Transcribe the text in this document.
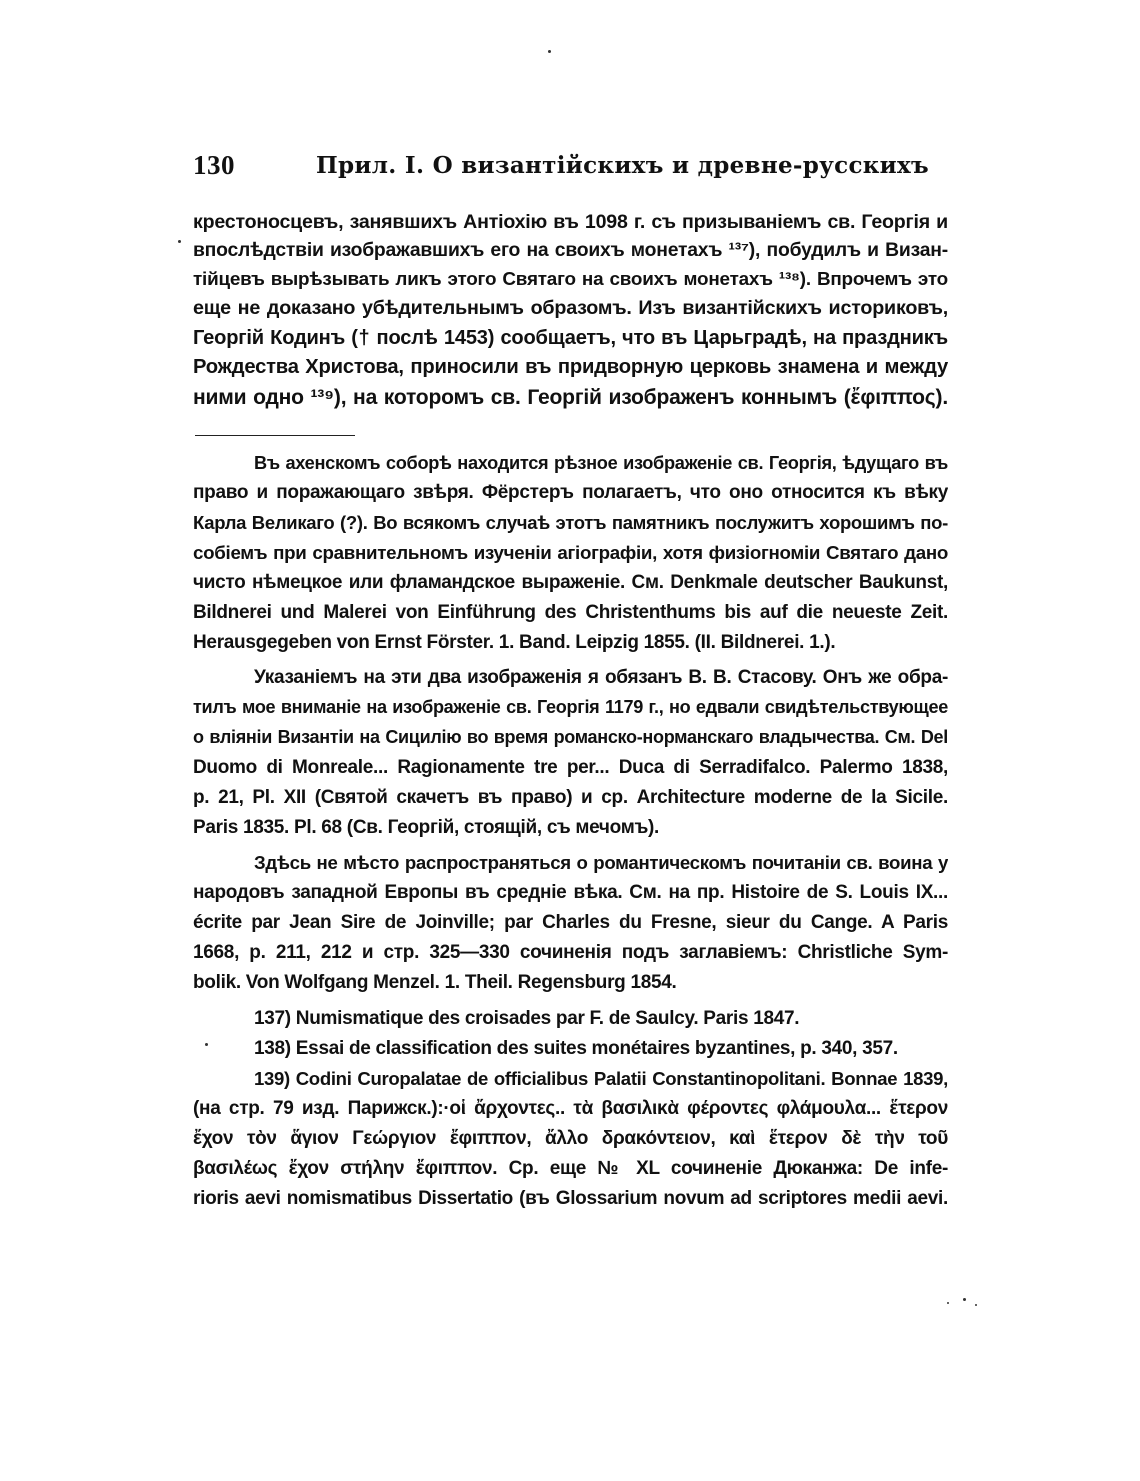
130	Прил. I. О византійскихъ и древне-русскихъ
крестоносцевъ, занявшихъ Антіохію въ 1098 г. съ призываніемъ св. Георгія и
впослѣдствіи изображавшихъ его на своихъ монетахъ ¹³⁷), побудилъ и Визан-
тійцевъ вырѣзывать ликъ этого Святаго на своихъ монетахъ ¹³⁸). Впрочемъ это
еще не доказано убѣдительнымъ образомъ. Изъ византійскихъ историковъ,
Георгій Кодинъ († послѣ 1453) сообщаетъ, что въ Царьградѣ, на праздникъ
Рождества Христова, приносили въ придворную церковь знамена и между
ними одно ¹³⁹), на которомъ св. Георгій изображенъ коннымъ (ἔφιππος).
Въ ахенскомъ соборѣ находится рѣзное изображеніе св. Георгія, ѣдущаго въ
право и поражающаго звѣря. Фёрстеръ полагаетъ, что оно относится къ вѣку
Карла Великаго (?). Во всякомъ случаѣ этотъ памятникъ послужитъ хорошимъ по-
собіемъ при сравнительномъ изученіи агіографіи, хотя физіогноміи Святаго дано
чисто нѣмецкое или фламандское выраженіе. См. Denkmale deutscher Baukunst,
Bildnerei und Malerei von Einführung des Christenthums bis auf die neueste Zeit.
Herausgegeben von Ernst Förster. 1. Band. Leipzig 1855. (II. Bildnerei. 1.).
Указаніемъ на эти два изображенія я обязанъ В. В. Стасову. Онъ же обра-
тилъ мое вниманіе на изображеніе св. Георгія 1179 г., но едвали свидѣтельствующее
о вліяніи Византіи на Сицилію во время романско-норманскаго владычества. См. Del
Duomo di Monreale... Ragionamente tre per... Duca di Serradifalco. Palermo 1838,
p. 21, Pl. XII (Святой скачетъ въ право) и ср. Architecture moderne de la Sicile.
Paris 1835. Pl. 68 (Св. Георгій, стоящій, съ мечомъ).
Здѣсь не мѣсто распространяться о романтическомъ почитаніи св. воина у
народовъ западной Европы въ средніе вѣка. См. на пр. Histoire de S. Louis IX...
écrite par Jean Sire de Joinville; par Charles du Fresne, sieur du Cange. A Paris
1668, p. 211, 212 и стр. 325—330 сочиненія подъ заглавіемъ: Christliche Sym-
bolik. Von Wolfgang Menzel. 1. Theil. Regensburg 1854.
137) Numismatique des croisades par F. de Saulcy. Paris 1847.
138) Essai de classification des suites monétaires byzantines, p. 340, 357.
139) Codini Curopalatae de officialibus Palatii Constantinopolitani. Bonnae 1839,
(на стр. 79 изд. Парижск.):·οἱ ἄρχοντες.. τὰ βασιλικὰ φέροντες φλάμουλα... ἕτερον
ἔχον τὸν ἅγιον Γεώργιον ἔφιππον, ἄλλο δρακόντειον, καὶ ἕτερον δὲ τὴν τοῦ
βασιλέως ἔχον στήλην ἔφιππον. Ср. еще № XL сочиненіе Дюканжа: De infe-
rioris aevi nomismatibus Dissertatio (въ Glossarium novum ad scriptores medii aevi.
